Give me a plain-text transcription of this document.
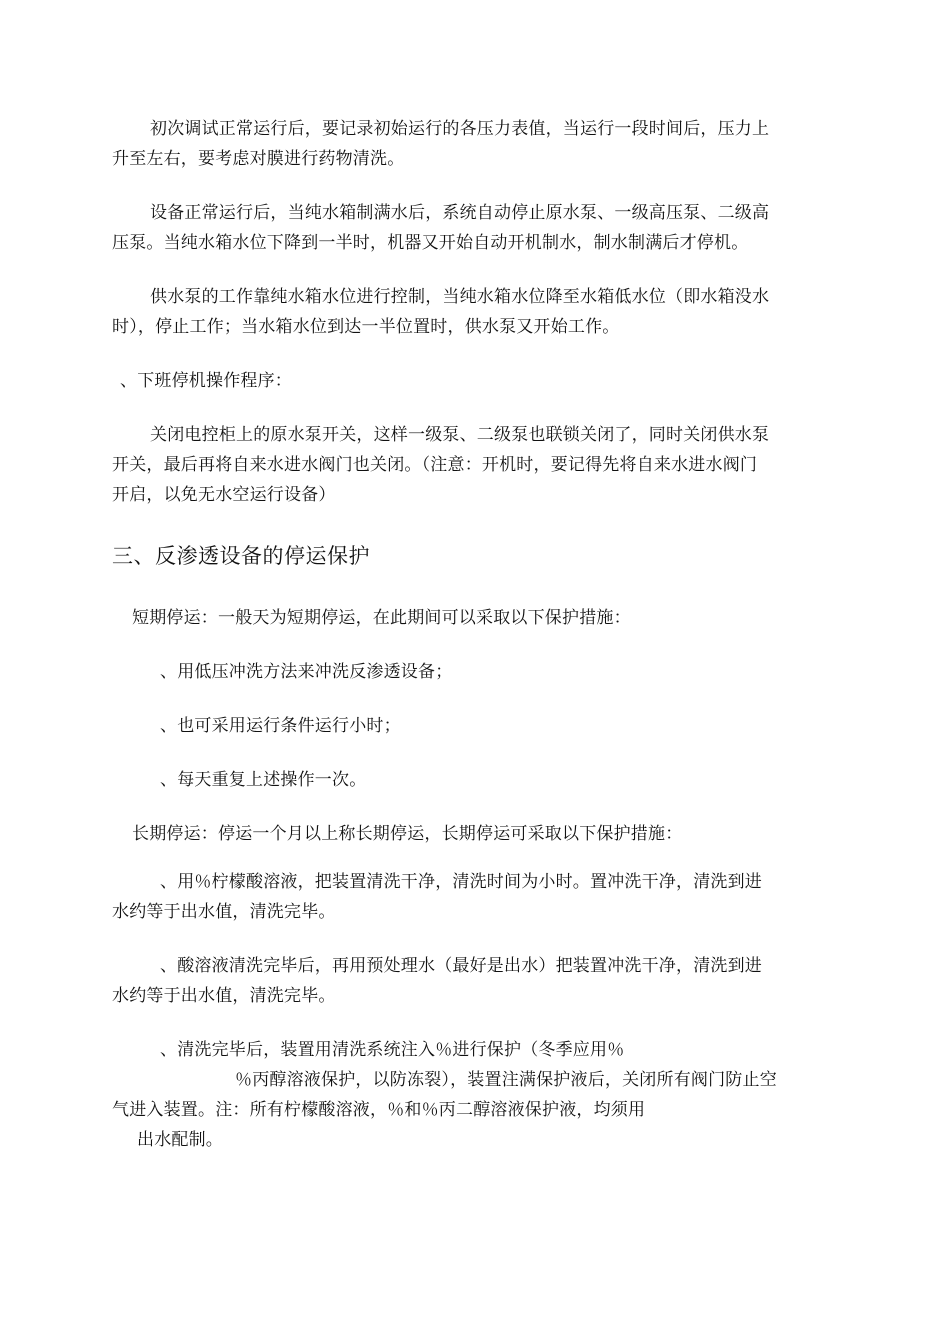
初次调试正常运行后，要记录初始运行的各压力表值，当运行一段时间后，压力上
升至左右，要考虑对膜进行药物清洗。
设备正常运行后，当纯水箱制满水后，系统自动停止原水泵、一级高压泵、二级高
压泵。当纯水箱水位下降到一半时，机器又开始自动开机制水，制水制满后才停机。
供水泵的工作靠纯水箱水位进行控制，当纯水箱水位降至水箱低水位（即水箱没水
时），停止工作；当水箱水位到达一半位置时，供水泵又开始工作。
、下班停机操作程序：
关闭电控柜上的原水泵开关，这样一级泵、二级泵也联锁关闭了，同时关闭供水泵
开关，最后再将自来水进水阀门也关闭。（注意：开机时，要记得先将自来水进水阀门
开启，以免无水空运行设备）
三、反渗透设备的停运保护
短期停运：一般天为短期停运，在此期间可以采取以下保护措施：
、用低压冲洗方法来冲洗反渗透设备；
、也可采用运行条件运行小时；
、每天重复上述操作一次。
长期停运：停运一个月以上称长期停运，长期停运可采取以下保护措施：
、用％柠檬酸溶液，把装置清洗干净，清洗时间为小时。置冲洗干净，清洗到进
水约等于出水值，清洗完毕。
、酸溶液清洗完毕后，再用预处理水（最好是出水）把装置冲洗干净，清洗到进
水约等于出水值，清洗完毕。
、清洗完毕后，装置用清洗系统注入％进行保护（冬季应用％
％丙醇溶液保护，以防冻裂），装置注满保护液后，关闭所有阀门防止空
气进入装置。注：所有柠檬酸溶液，％和％丙二醇溶液保护液，均须用
出水配制。
